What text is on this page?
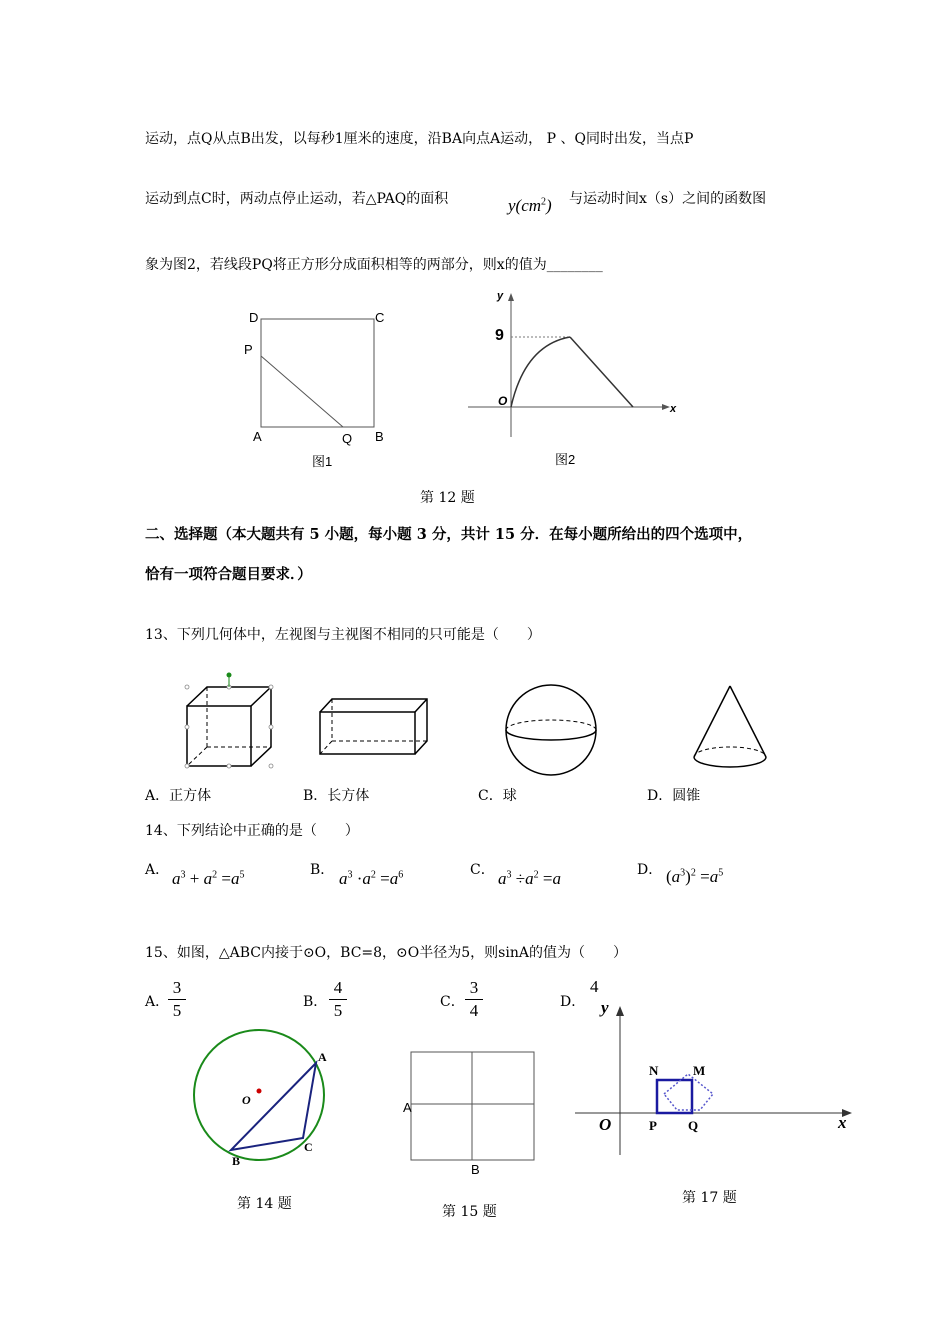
运动，点Q从点B出发，以每秒1厘米的速度，沿BA向点A运动， P 、Q同时出发，当点P
运动到点C时，两动点停止运动，若△PAQ的面积	$y(cm^2)$ 与运动时间x（s）之间的函数图
象为图2，若线段PQ将正方形分成面积相等的两部分，则x的值为________
D	C
P
A	Q B
图1
y
x
O
9
图2
第 12 题
二、选择题（本大题共有 5 小题，每小题 3 分，共计 15 分．在每小题所给出的四个选项中，
恰有一项符合题目要求．）
13、下列几何体中，左视图与主视图不相同的只可能是（　　）
A．正方体	B．长方体	C．球	D．圆锥
14、下列结论中正确的是（　　）
A．	B．	C．	D．
$a^3 + a^2 =a^5$	$a^3 \cdot a^2 =a^6$	$a^3 \div a^2 =a$	$(a^3)^2 =a^5$
15、如图，△ABC内接于⊙O，BC=8，⊙O半径为5，则sinA的值为（　　）
A．	B．	C．	D．
3
5
4
5
3
4
4
A
O
B
C
第 14 题
A
B
第 15 题
y
N	M
O	P Q	x
第 17 题
